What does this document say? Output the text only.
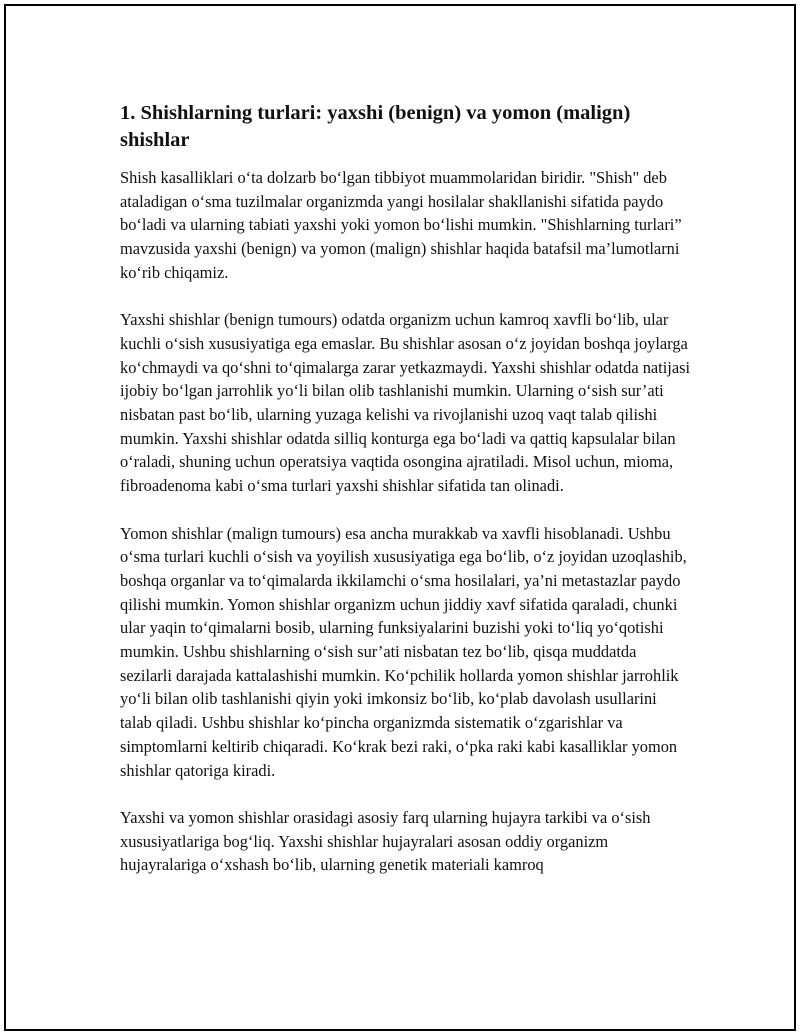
1. Shishlarning turlari: yaxshi (benign) va yomon (malign) shishlar

Shish kasalliklari o‘ta dolzarb bo‘lgan tibbiyot muammolaridan biridir. "Shish" deb ataladigan o‘sma tuzilmalar organizmda yangi hosilalar shakllanishi sifatida paydo bo‘ladi va ularning tabiati yaxshi yoki yomon bo‘lishi mumkin. "Shishlarning turlari” mavzusida yaxshi (benign) va yomon (malign) shishlar haqida batafsil ma’lumotlarni ko‘rib chiqamiz.

Yaxshi shishlar (benign tumours) odatda organizm uchun kamroq xavfli bo‘lib, ular kuchli o‘sish xususiyatiga ega emaslar. Bu shishlar asosan o‘z joyidan boshqa joylarga ko‘chmaydi va qo‘shni to‘qimalarga zarar yetkazmaydi. Yaxshi shishlar odatda natijasi ijobiy bo‘lgan jarrohlik yo‘li bilan olib tashlanishi mumkin. Ularning o‘sish sur’ati nisbatan past bo‘lib, ularning yuzaga kelishi va rivojlanishi uzoq vaqt talab qilishi mumkin. Yaxshi shishlar odatda silliq konturga ega bo‘ladi va qattiq kapsulalar bilan o‘raladi, shuning uchun operatsiya vaqtida osongina ajratiladi. Misol uchun, mioma, fibroadenoma kabi o‘sma turlari yaxshi shishlar sifatida tan olinadi.

Yomon shishlar (malign tumours) esa ancha murakkab va xavfli hisoblanadi. Ushbu o‘sma turlari kuchli o‘sish va yoyilish xususiyatiga ega bo‘lib, o‘z joyidan uzoqlashib, boshqa organlar va to‘qimalarda ikkilamchi o‘sma hosilalari, ya’ni metastazlar paydo qilishi mumkin. Yomon shishlar organizm uchun jiddiy xavf sifatida qaraladi, chunki ular yaqin to‘qimalarni bosib, ularning funksiyalarini buzishi yoki to‘liq yo‘qotishi mumkin. Ushbu shishlarning o‘sish sur’ati nisbatan tez bo‘lib, qisqa muddatda sezilarli darajada kattalashishi mumkin. Ko‘pchilik hollarda yomon shishlar jarrohlik yo‘li bilan olib tashlanishi qiyin yoki imkonsiz bo‘lib, ko‘plab davolash usullarini talab qiladi. Ushbu shishlar ko‘pincha organizmda sistematik o‘zgarishlar va simptomlarni keltirib chiqaradi. Ko‘krak bezi raki, o‘pka raki kabi kasalliklar yomon shishlar qatoriga kiradi.

Yaxshi va yomon shishlar orasidagi asosiy farq ularning hujayra tarkibi va o‘sish xususiyatlariga bog‘liq. Yaxshi shishlar hujayralari asosan oddiy organizm hujayralariga o‘xshash bo‘lib, ularning genetik materiali kamroq
